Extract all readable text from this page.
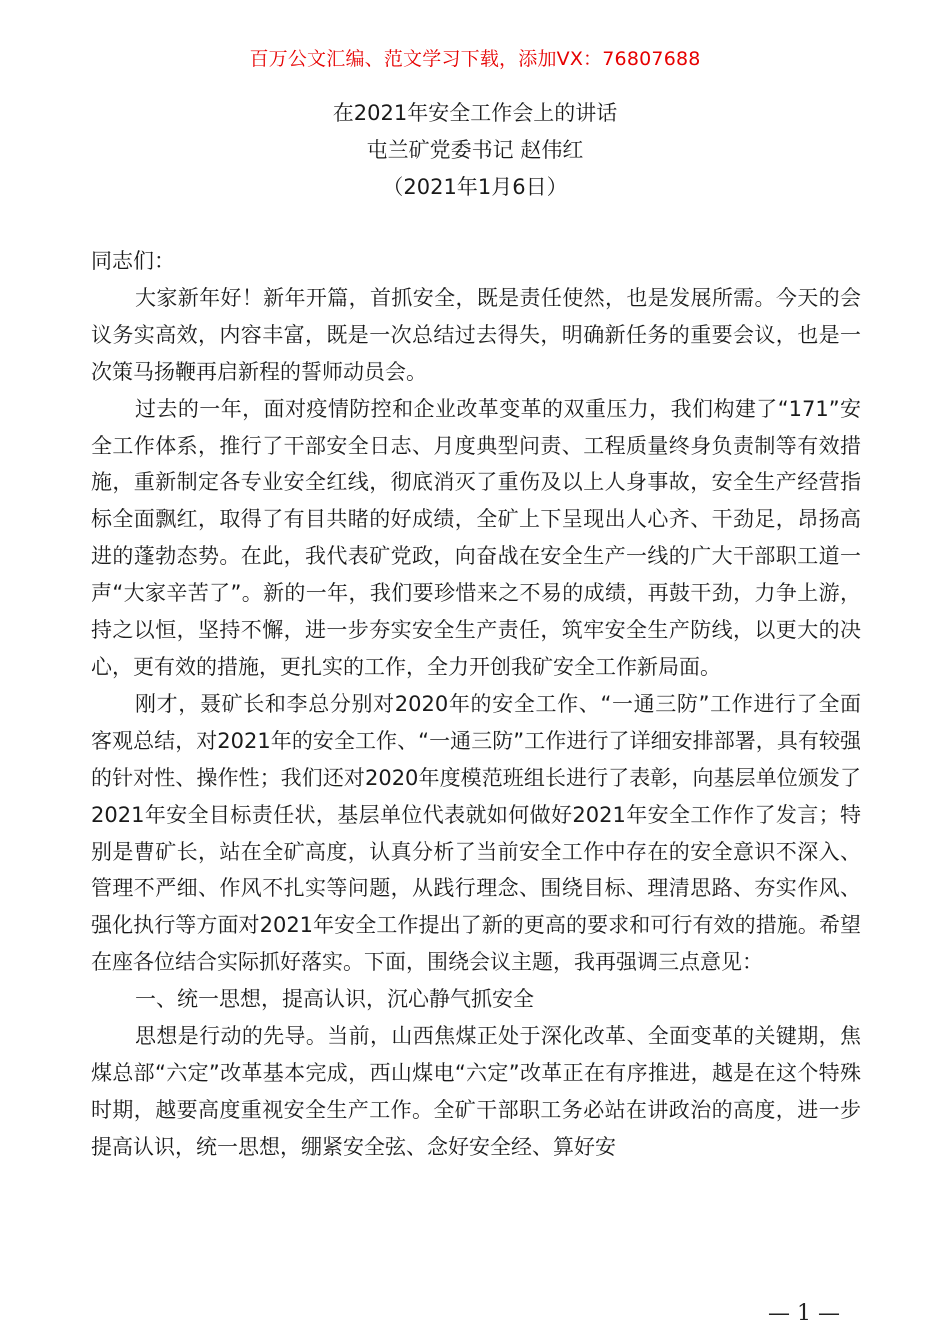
百万公文汇编、范文学习下载，添加VX：76807688
在2021年安全工作会上的讲话
屯兰矿党委书记 赵伟红
（2021年1月6日）

同志们：

大家新年好！新年开篇，首抓安全，既是责任使然，也是发展所需。今天的会议务实高效，内容丰富，既是一次总结过去得失，明确新任务的重要会议，也是一次策马扬鞭再启新程的誓师动员会。

过去的一年，面对疫情防控和企业改革变革的双重压力，我们构建了“171”安全工作体系，推行了干部安全日志、月度典型问责、工程质量终身负责制等有效措施，重新制定各专业安全红线，彻底消灭了重伤及以上人身事故，安全生产经营指标全面飘红，取得了有目共睹的好成绩，全矿上下呈现出人心齐、干劲足，昂扬高进的蓬勃态势。在此，我代表矿党政，向奋战在安全生产一线的广大干部职工道一声“大家辛苦了”。新的一年，我们要珍惜来之不易的成绩，再鼓干劲，力争上游，持之以恒，坚持不懈，进一步夯实安全生产责任，筑牢安全生产防线，以更大的决心，更有效的措施，更扎实的工作，全力开创我矿安全工作新局面。

刚才，聂矿长和李总分别对2020年的安全工作、“一通三防”工作进行了全面客观总结，对2021年的安全工作、“一通三防”工作进行了详细安排部署，具有较强的针对性、操作性；我们还对2020年度模范班组长进行了表彰，向基层单位颁发了2021年安全目标责任状，基层单位代表就如何做好2021年安全工作作了发言；特别是曹矿长，站在全矿高度，认真分析了当前安全工作中存在的安全意识不深入、管理不严细、作风不扎实等问题，从践行理念、围绕目标、理清思路、夯实作风、强化执行等方面对2021年安全工作提出了新的更高的要求和可行有效的措施。希望在座各位结合实际抓好落实。下面，围绕会议主题，我再强调三点意见：

一、统一思想，提高认识，沉心静气抓安全

思想是行动的先导。当前，山西焦煤正处于深化改革、全面变革的关键期，焦煤总部“六定”改革基本完成，西山煤电“六定”改革正在有序推进，越是在这个特殊时期，越要高度重视安全生产工作。全矿干部职工务必站在讲政治的高度，进一步提高认识，统一思想，绷紧安全弦、念好安全经、算好安

— 1 —
